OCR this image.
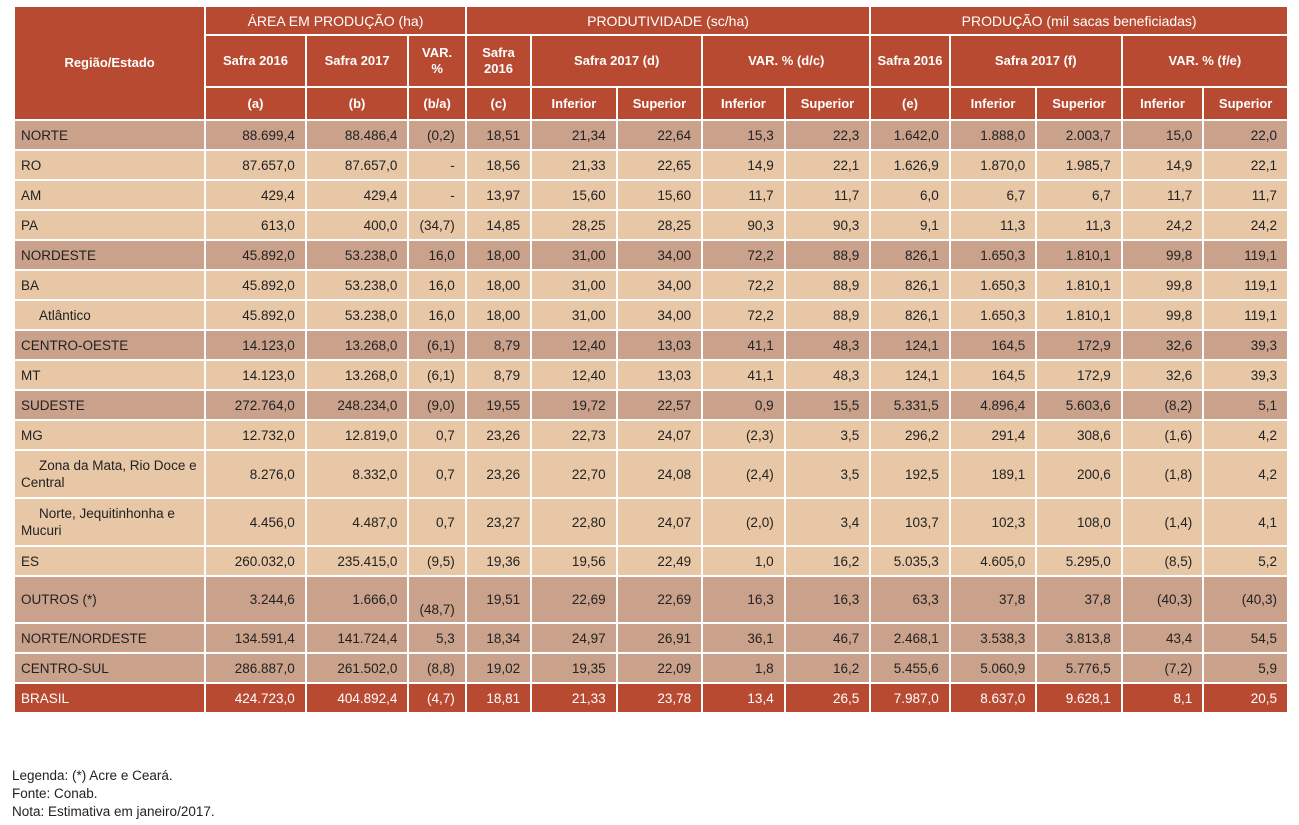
Região/Estado	ÁREA EM PRODUÇÃO (ha)			PRODUTIVIDADE (sc/ha)					PRODUÇÃO (mil sacas beneficiadas)				
	Safra 2016	Safra 2017	VAR. %	Safra 2016	Safra 2017 (d)		VAR. % (d/c)		Safra 2016	Safra 2017 (f)		VAR. % (f/e)	
	(a)	(b)	(b/a)	(c)	Inferior	Superior	Inferior	Superior	(e)	Inferior	Superior	Inferior	Superior
NORTE	88.699,4	88.486,4	(0,2)	18,51	21,34	22,64	15,3	22,3	1.642,0	1.888,0	2.003,7	15,0	22,0
RO	87.657,0	87.657,0	-	18,56	21,33	22,65	14,9	22,1	1.626,9	1.870,0	1.985,7	14,9	22,1
AM	429,4	429,4	-	13,97	15,60	15,60	11,7	11,7	6,0	6,7	6,7	11,7	11,7
PA	613,0	400,0	(34,7)	14,85	28,25	28,25	90,3	90,3	9,1	11,3	11,3	24,2	24,2
NORDESTE	45.892,0	53.238,0	16,0	18,00	31,00	34,00	72,2	88,9	826,1	1.650,3	1.810,1	99,8	119,1
BA	45.892,0	53.238,0	16,0	18,00	31,00	34,00	72,2	88,9	826,1	1.650,3	1.810,1	99,8	119,1
Atlântico	45.892,0	53.238,0	16,0	18,00	31,00	34,00	72,2	88,9	826,1	1.650,3	1.810,1	99,8	119,1
CENTRO-OESTE	14.123,0	13.268,0	(6,1)	8,79	12,40	13,03	41,1	48,3	124,1	164,5	172,9	32,6	39,3
MT	14.123,0	13.268,0	(6,1)	8,79	12,40	13,03	41,1	48,3	124,1	164,5	172,9	32,6	39,3
SUDESTE	272.764,0	248.234,0	(9,0)	19,55	19,72	22,57	0,9	15,5	5.331,5	4.896,4	5.603,6	(8,2)	5,1
MG	12.732,0	12.819,0	0,7	23,26	22,73	24,07	(2,3)	3,5	296,2	291,4	308,6	(1,6)	4,2
Zona da Mata, Rio Doce e Central	8.276,0	8.332,0	0,7	23,26	22,70	24,08	(2,4)	3,5	192,5	189,1	200,6	(1,8)	4,2
Norte, Jequitinhonha e Mucuri	4.456,0	4.487,0	0,7	23,27	22,80	24,07	(2,0)	3,4	103,7	102,3	108,0	(1,4)	4,1
ES	260.032,0	235.415,0	(9,5)	19,36	19,56	22,49	1,0	16,2	5.035,3	4.605,0	5.295,0	(8,5)	5,2
OUTROS (*)	3.244,6	1.666,0	(48,7)	19,51	22,69	22,69	16,3	16,3	63,3	37,8	37,8	(40,3)	(40,3)
NORTE/NORDESTE	134.591,4	141.724,4	5,3	18,34	24,97	26,91	36,1	46,7	2.468,1	3.538,3	3.813,8	43,4	54,5
CENTRO-SUL	286.887,0	261.502,0	(8,8)	19,02	19,35	22,09	1,8	16,2	5.455,6	5.060,9	5.776,5	(7,2)	5,9
BRASIL	424.723,0	404.892,4	(4,7)	18,81	21,33	23,78	13,4	26,5	7.987,0	8.637,0	9.628,1	8,1	20,5
Legenda: (*) Acre e Ceará.
Fonte: Conab.
Nota: Estimativa em janeiro/2017.
